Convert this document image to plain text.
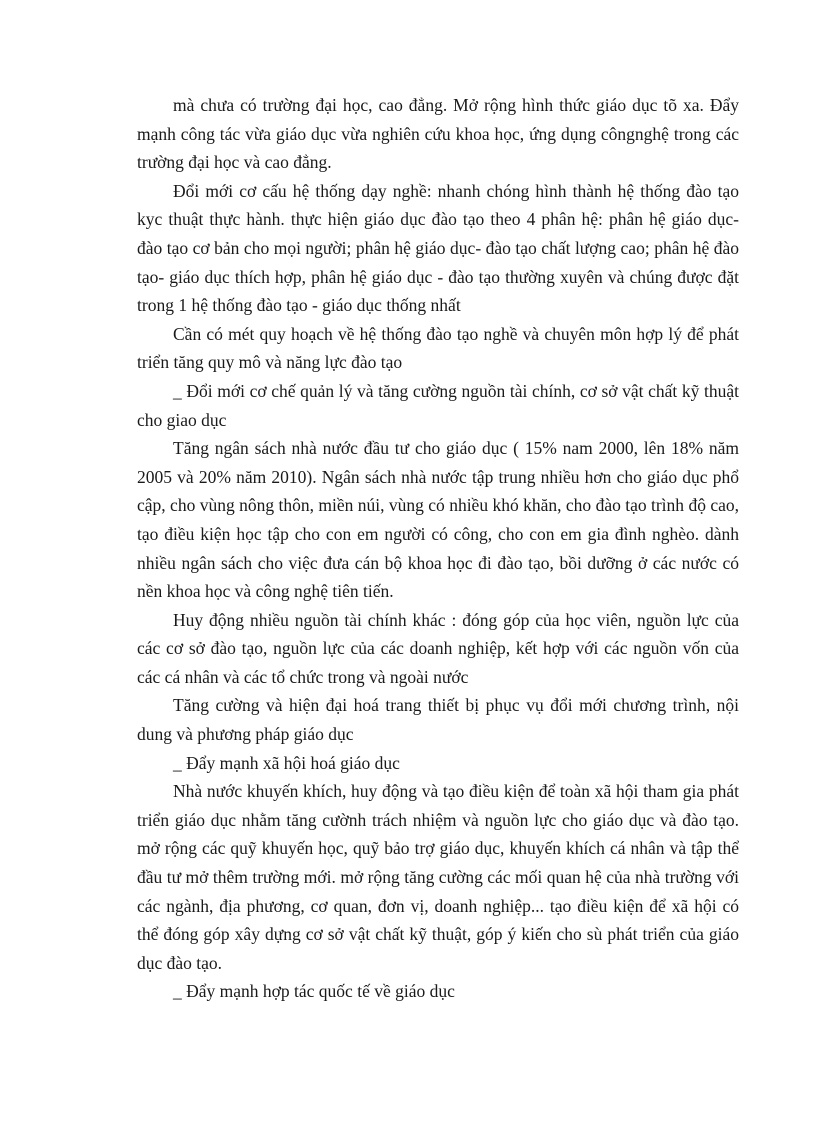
mà chưa có trường đại học, cao đẳng. Mở rộng hình thức giáo dục tõ xa. Đẩy mạnh công tác vừa giáo dục vừa nghiên cứu khoa học, ứng dụng côngnghệ trong các trường đại học và cao đẳng.

Đổi mới cơ cấu hệ thống dạy nghề: nhanh chóng hình thành hệ thống đào tạo kyc thuật thực hành. thực hiện giáo dục đào tạo theo 4 phân hệ: phân hệ giáo dục- đào tạo cơ bản cho mọi người; phân hệ giáo dục- đào tạo chất lượng cao; phân hệ đào tạo- giáo dục thích hợp, phân hệ giáo dục - đào tạo thường xuyên và chúng được đặt trong 1 hệ thống đào tạo - giáo dục thống nhất

Cần có mét quy hoạch về hệ thống đào tạo nghề và chuyên môn hợp lý để phát triển tăng quy mô và năng lực đào tạo

_ Đổi mới cơ chế quản lý và tăng cường nguồn tài chính, cơ sở vật chất kỹ thuật cho giao dục

Tăng ngân sách nhà nước đầu tư cho giáo dục ( 15% nam 2000, lên 18% năm 2005 và 20% năm 2010). Ngân sách nhà nước tập trung nhiều hơn cho giáo dục phổ cập, cho vùng nông thôn, miền núi, vùng có nhiều khó khăn, cho đào tạo trình độ cao, tạo điều kiện học tập cho con em người có công, cho con em gia đình nghèo. dành nhiều ngân sách cho việc đưa cán bộ khoa học đi đào tạo, bồi dưỡng ở các nước có nền khoa học và công nghệ tiên tiến.

Huy động nhiều nguồn tài chính khác : đóng góp của học viên, nguồn lực của các cơ sở đào tạo, nguồn lực của các doanh nghiệp, kết hợp với các nguồn vốn của các cá nhân và các tổ chức trong và ngoài nước

Tăng cường và hiện đại hoá trang thiết bị phục vụ đổi mới chương trình, nội dung và phương pháp giáo dục

_ Đẩy mạnh xã hội hoá giáo dục

Nhà nước khuyến khích, huy động và tạo điều kiện để toàn xã hội tham gia phát triển giáo dục nhằm tăng cườnh trách nhiệm và nguồn lực cho giáo dục và đào tạo. mở rộng các quỹ khuyến học, quỹ bảo trợ giáo dục, khuyến khích cá nhân và tập thể đầu tư mở thêm trường mới. mở rộng tăng cường các mối quan hệ của nhà trường với các ngành, địa phương, cơ quan, đơn vị, doanh nghiệp... tạo điều kiện để xã hội có thể đóng góp xây dựng cơ sở vật chất kỹ thuật, góp ý kiến cho sù phát triển của giáo dục đào tạo.

_ Đẩy mạnh hợp tác quốc tế về giáo dục
